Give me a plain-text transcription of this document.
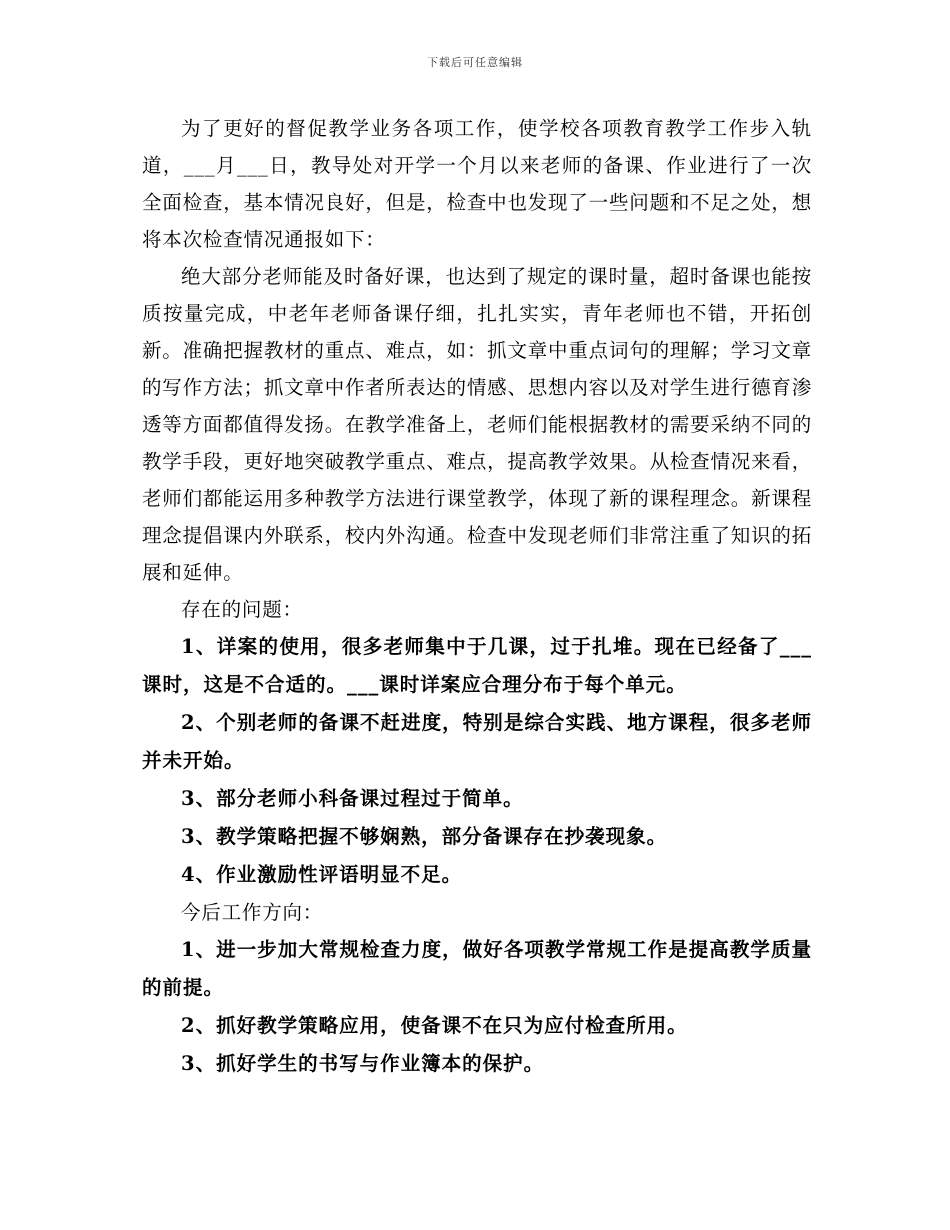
下载后可任意编辑

为了更好的督促教学业务各项工作，使学校各项教育教学工作步入轨道，___月___日，教导处对开学一个月以来老师的备课、作业进行了一次全面检查，基本情况良好，但是，检查中也发现了一些问题和不足之处，想将本次检查情况通报如下：

绝大部分老师能及时备好课，也达到了规定的课时量，超时备课也能按质按量完成，中老年老师备课仔细，扎扎实实，青年老师也不错，开拓创新。准确把握教材的重点、难点，如：抓文章中重点词句的理解；学习文章的写作方法；抓文章中作者所表达的情感、思想内容以及对学生进行德育渗透等方面都值得发扬。在教学准备上，老师们能根据教材的需要采纳不同的教学手段，更好地突破教学重点、难点，提高教学效果。从检查情况来看，老师们都能运用多种教学方法进行课堂教学，体现了新的课程理念。新课程理念提倡课内外联系，校内外沟通。检查中发现老师们非常注重了知识的拓展和延伸。

存在的问题：

1、详案的使用，很多老师集中于几课，过于扎堆。现在已经备了___课时，这是不合适的。___课时详案应合理分布于每个单元。

2、个别老师的备课不赶进度，特别是综合实践、地方课程，很多老师并未开始。

3、部分老师小科备课过程过于简单。

3、教学策略把握不够娴熟，部分备课存在抄袭现象。

4、作业激励性评语明显不足。

今后工作方向：

1、进一步加大常规检查力度，做好各项教学常规工作是提高教学质量的前提。

2、抓好教学策略应用，使备课不在只为应付检查所用。

3、抓好学生的书写与作业簿本的保护。
